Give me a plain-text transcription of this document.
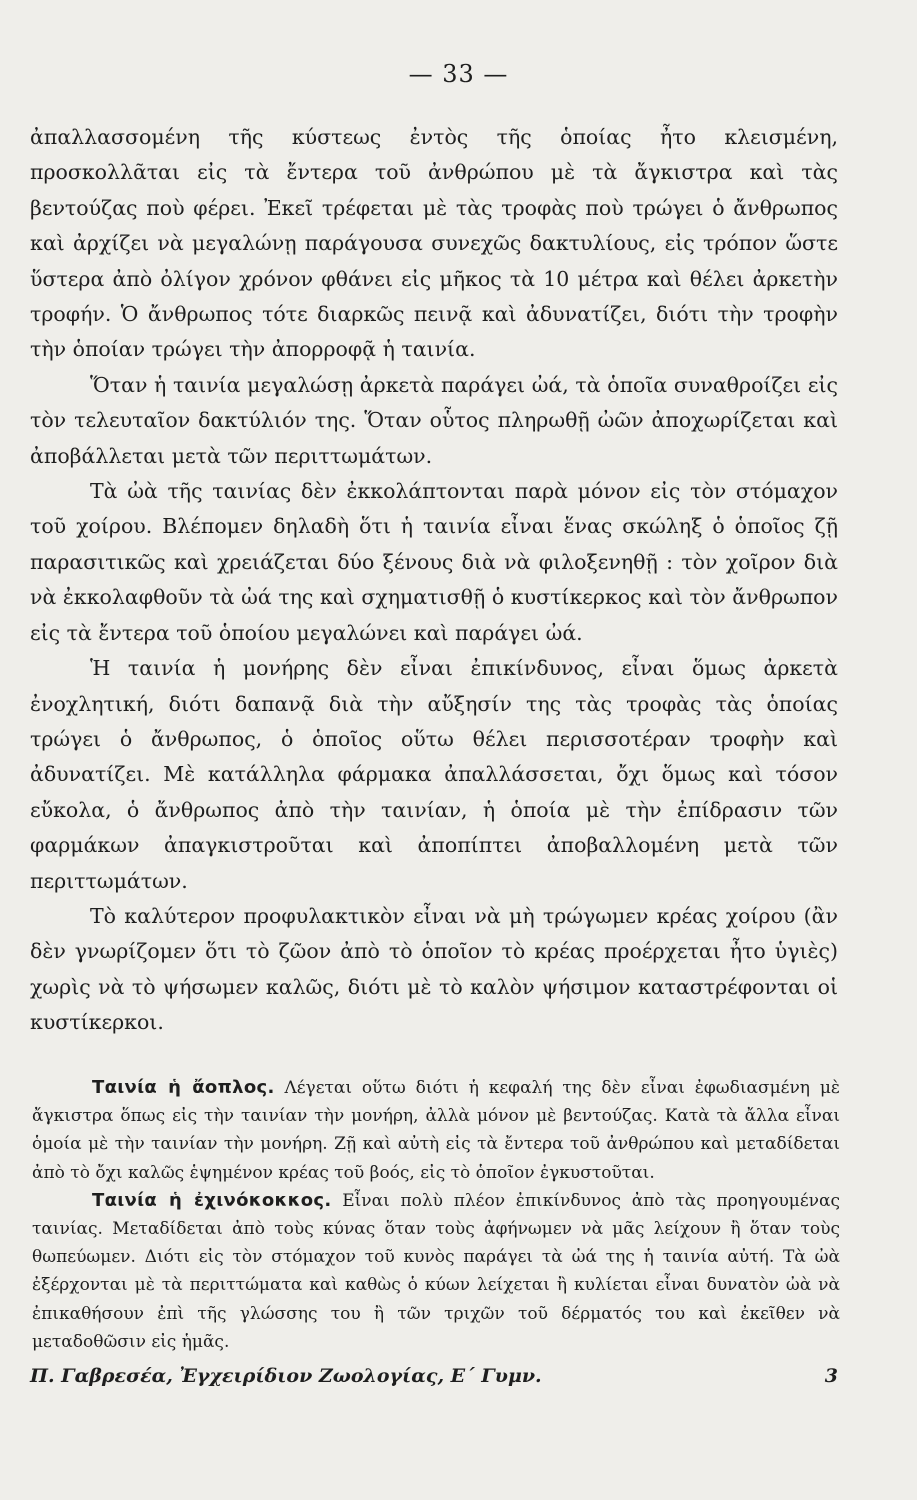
— 33 —

ἀπαλλασσομένη τῆς κύστεως ἐντὸς τῆς ὁποίας ἦτο κλεισμένη, προσκολλᾶται εἰς τὰ ἔντερα τοῦ ἀνθρώπου μὲ τὰ ἄγκιστρα καὶ τὰς βεντούζας ποὺ φέρει. Ἐκεῖ τρέφεται μὲ τὰς τροφὰς ποὺ τρώγει ὁ ἄνθρωπος καὶ ἀρχίζει νὰ μεγαλώνῃ παράγουσα συνεχῶς δακτυλίους, εἰς τρόπον ὥστε ὕστερα ἀπὸ ὀλίγον χρόνον φθάνει εἰς μῆκος τὰ 10 μέτρα καὶ θέλει ἀρκετὴν τροφήν. Ὁ ἄνθρωπος τότε διαρκῶς πεινᾷ καὶ ἀδυνατίζει, διότι τὴν τροφὴν τὴν ὁποίαν τρώγει τὴν ἀπορροφᾷ ἡ ταινία.

Ὅταν ἡ ταινία μεγαλώσῃ ἀρκετὰ παράγει ὠά, τὰ ὁποῖα συναθροίζει εἰς τὸν τελευταῖον δακτύλιόν της. Ὅταν οὗτος πληρωθῇ ὠῶν ἀποχωρίζεται καὶ ἀποβάλλεται μετὰ τῶν περιττωμάτων.

Τὰ ὠὰ τῆς ταινίας δὲν ἐκκολάπτονται παρὰ μόνον εἰς τὸν στόμαχον τοῦ χοίρου. Βλέπομεν δηλαδὴ ὅτι ἡ ταινία εἶναι ἕνας σκώληξ ὁ ὁποῖος ζῇ παρασιτικῶς καὶ χρειάζεται δύο ξένους διὰ νὰ φιλοξενηθῇ : τὸν χοῖρον διὰ νὰ ἐκκολαφθοῦν τὰ ὠά της καὶ σχηματισθῇ ὁ κυστίκερκος καὶ τὸν ἄνθρωπον εἰς τὰ ἔντερα τοῦ ὁποίου μεγαλώνει καὶ παράγει ὠά.

Ἡ ταινία ἡ μονήρης δὲν εἶναι ἐπικίνδυνος, εἶναι ὅμως ἀρκετὰ ἐνοχλητική, διότι δαπανᾷ διὰ τὴν αὔξησίν της τὰς τροφὰς τὰς ὁποίας τρώγει ὁ ἄνθρωπος, ὁ ὁποῖος οὕτω θέλει περισσοτέραν τροφὴν καὶ ἀδυνατίζει. Μὲ κατάλληλα φάρμακα ἀπαλλάσσεται, ὄχι ὅμως καὶ τόσον εὔκολα, ὁ ἄνθρωπος ἀπὸ τὴν ταινίαν, ἡ ὁποία μὲ τὴν ἐπίδρασιν τῶν φαρμάκων ἀπαγκιστροῦται καὶ ἀποπίπτει ἀποβαλλομένη μετὰ τῶν περιττωμάτων.

Τὸ καλύτερον προφυλακτικὸν εἶναι νὰ μὴ τρώγωμεν κρέας χοίρου (ἂν δὲν γνωρίζομεν ὅτι τὸ ζῶον ἀπὸ τὸ ὁποῖον τὸ κρέας προέρχεται ἦτο ὑγιὲς) χωρὶς νὰ τὸ ψήσωμεν καλῶς, διότι μὲ τὸ καλὸν ψήσιμον καταστρέφονται οἱ κυστίκερκοι.

Ταινία ἡ ἄοπλος. Λέγεται οὕτω διότι ἡ κεφαλή της δὲν εἶναι ἐφωδιασμένη μὲ ἄγκιστρα ὅπως εἰς τὴν ταινίαν τὴν μονήρη, ἀλλὰ μόνον μὲ βεντούζας. Κατὰ τὰ ἄλλα εἶναι ὁμοία μὲ τὴν ταινίαν τὴν μονήρη. Ζῇ καὶ αὐτὴ εἰς τὰ ἔντερα τοῦ ἀνθρώπου καὶ μεταδίδεται ἀπὸ τὸ ὄχι καλῶς ἑψημένον κρέας τοῦ βοός, εἰς τὸ ὁποῖον ἐγκυστοῦται.

Ταινία ἡ ἐχινόκοκκος. Εἶναι πολὺ πλέον ἐπικίνδυνος ἀπὸ τὰς προηγουμένας ταινίας. Μεταδίδεται ἀπὸ τοὺς κύνας ὅταν τοὺς ἀφήνωμεν νὰ μᾶς λείχουν ἢ ὅταν τοὺς θωπεύωμεν. Διότι εἰς τὸν στόμαχον τοῦ κυνὸς παράγει τὰ ὠά της ἡ ταινία αὐτή. Τὰ ὠὰ ἐξέρχονται μὲ τὰ περιττώματα καὶ καθὼς ὁ κύων λείχεται ἢ κυλίεται εἶναι δυνατὸν ὠὰ νὰ ἐπικαθήσουν ἐπὶ τῆς γλώσσης του ἢ τῶν τριχῶν τοῦ δέρματός του καὶ ἐκεῖθεν νὰ μεταδοθῶσιν εἰς ἡμᾶς.

Π. Γαβρεσέα, Ἐγχειρίδιον Ζωολογίας, Ε΄ Γυμν.	3
